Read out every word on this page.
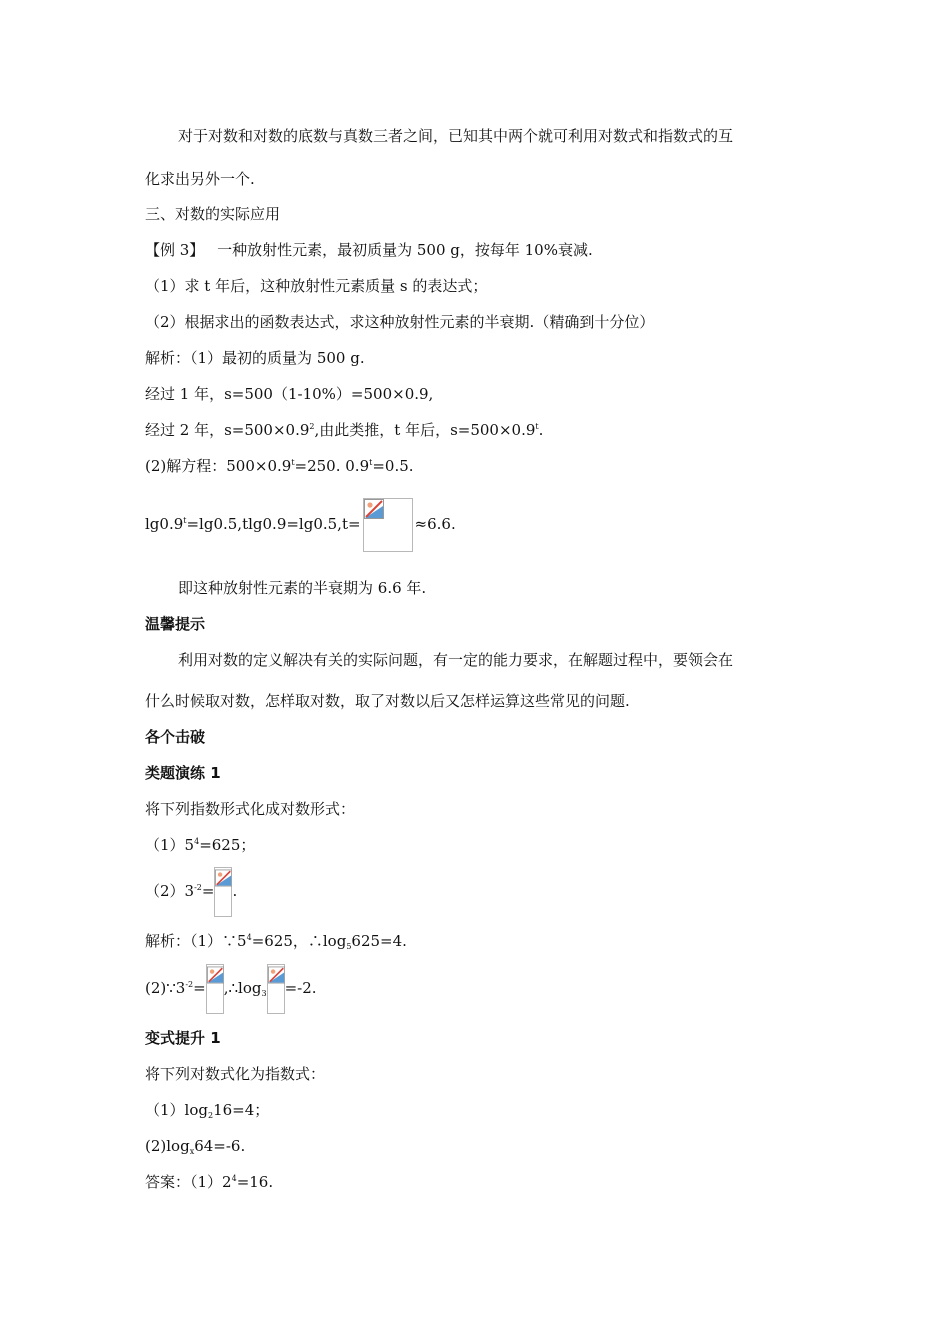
对于对数和对数的底数与真数三者之间，已知其中两个就可利用对数式和指数式的互
化求出另外一个.
三、对数的实际应用
【例 3】 一种放射性元素，最初质量为 500 g，按每年 10%衰减.
（1）求 t 年后，这种放射性元素质量 s 的表达式；
（2）根据求出的函数表达式，求这种放射性元素的半衰期.（精确到十分位）
解析：（1）最初的质量为 500 g.
经过 1 年，s=500（1-10%）=500×0.9,
经过 2 年，$s=500\times 0.9^2$,由此类推，t 年后，$s=500\times 0.9^t$.
(2)解方程：$500\times 0.9^t=250$. $0.9^t=0.5$.
$\lg 0.9^t=\lg 0.5,tlg0.9=\lg 0.5,t=$	≈6.6.
即这种放射性元素的半衰期为 6.6 年.
温馨提示
利用对数的定义解决有关的实际问题，有一定的能力要求，在解题过程中，要领会在
什么时候取对数，怎样取对数，取了对数以后又怎样运算这些常见的问题.
各个击破
类题演练 1
将下列指数形式化成对数形式：
$(1)5^4=625$；
$(2)3^{-2}=$ .
解析：$(1)\because 5^4=625$，$\therefore\log_5625=4$.
$(2)\because 3^{-2}=$ $,\therefore\log_3 =-2$.
变式提升 1
将下列对数式化为指数式：
$(1)\log_216=4$；
$(2)\log_x64=-6$.
答案：$(1)2^4=16$.
